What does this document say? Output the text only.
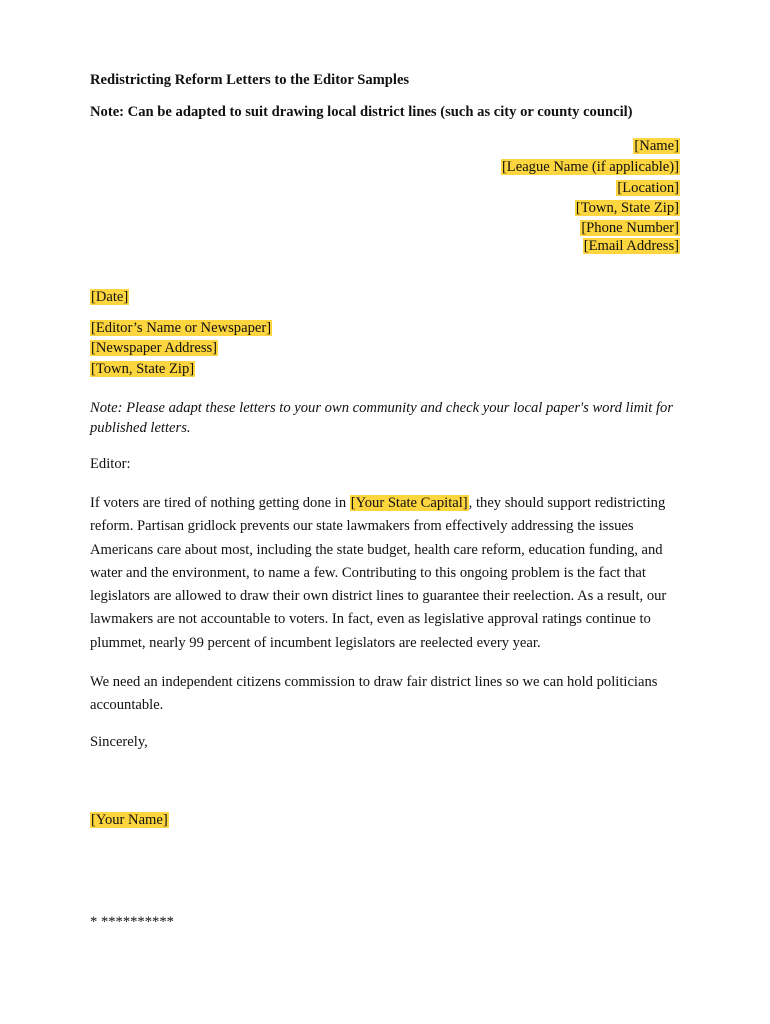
Redistricting Reform Letters to the Editor Samples
Note: Can be adapted to suit drawing local district lines (such as city or county council)
[Name]
[League Name (if applicable)]
[Location]
[Town, State Zip]
[Phone Number]
[Email Address]
[Date]
[Editor’s Name or Newspaper]
[Newspaper Address]
[Town, State Zip]
Note: Please adapt these letters to your own community and check your local paper's word limit for published letters.
Editor:
If voters are tired of nothing getting done in [Your State Capital], they should support redistricting reform. Partisan gridlock prevents our state lawmakers from effectively addressing the issues Americans care about most, including the state budget, health care reform, education funding, and water and the environment, to name a few. Contributing to this ongoing problem is the fact that legislators are allowed to draw their own district lines to guarantee their reelection. As a result, our lawmakers are not accountable to voters. In fact, even as legislative approval ratings continue to plummet, nearly 99 percent of incumbent legislators are reelected every year.
We need an independent citizens commission to draw fair district lines so we can hold politicians accountable.
Sincerely,
[Your Name]
* **********
